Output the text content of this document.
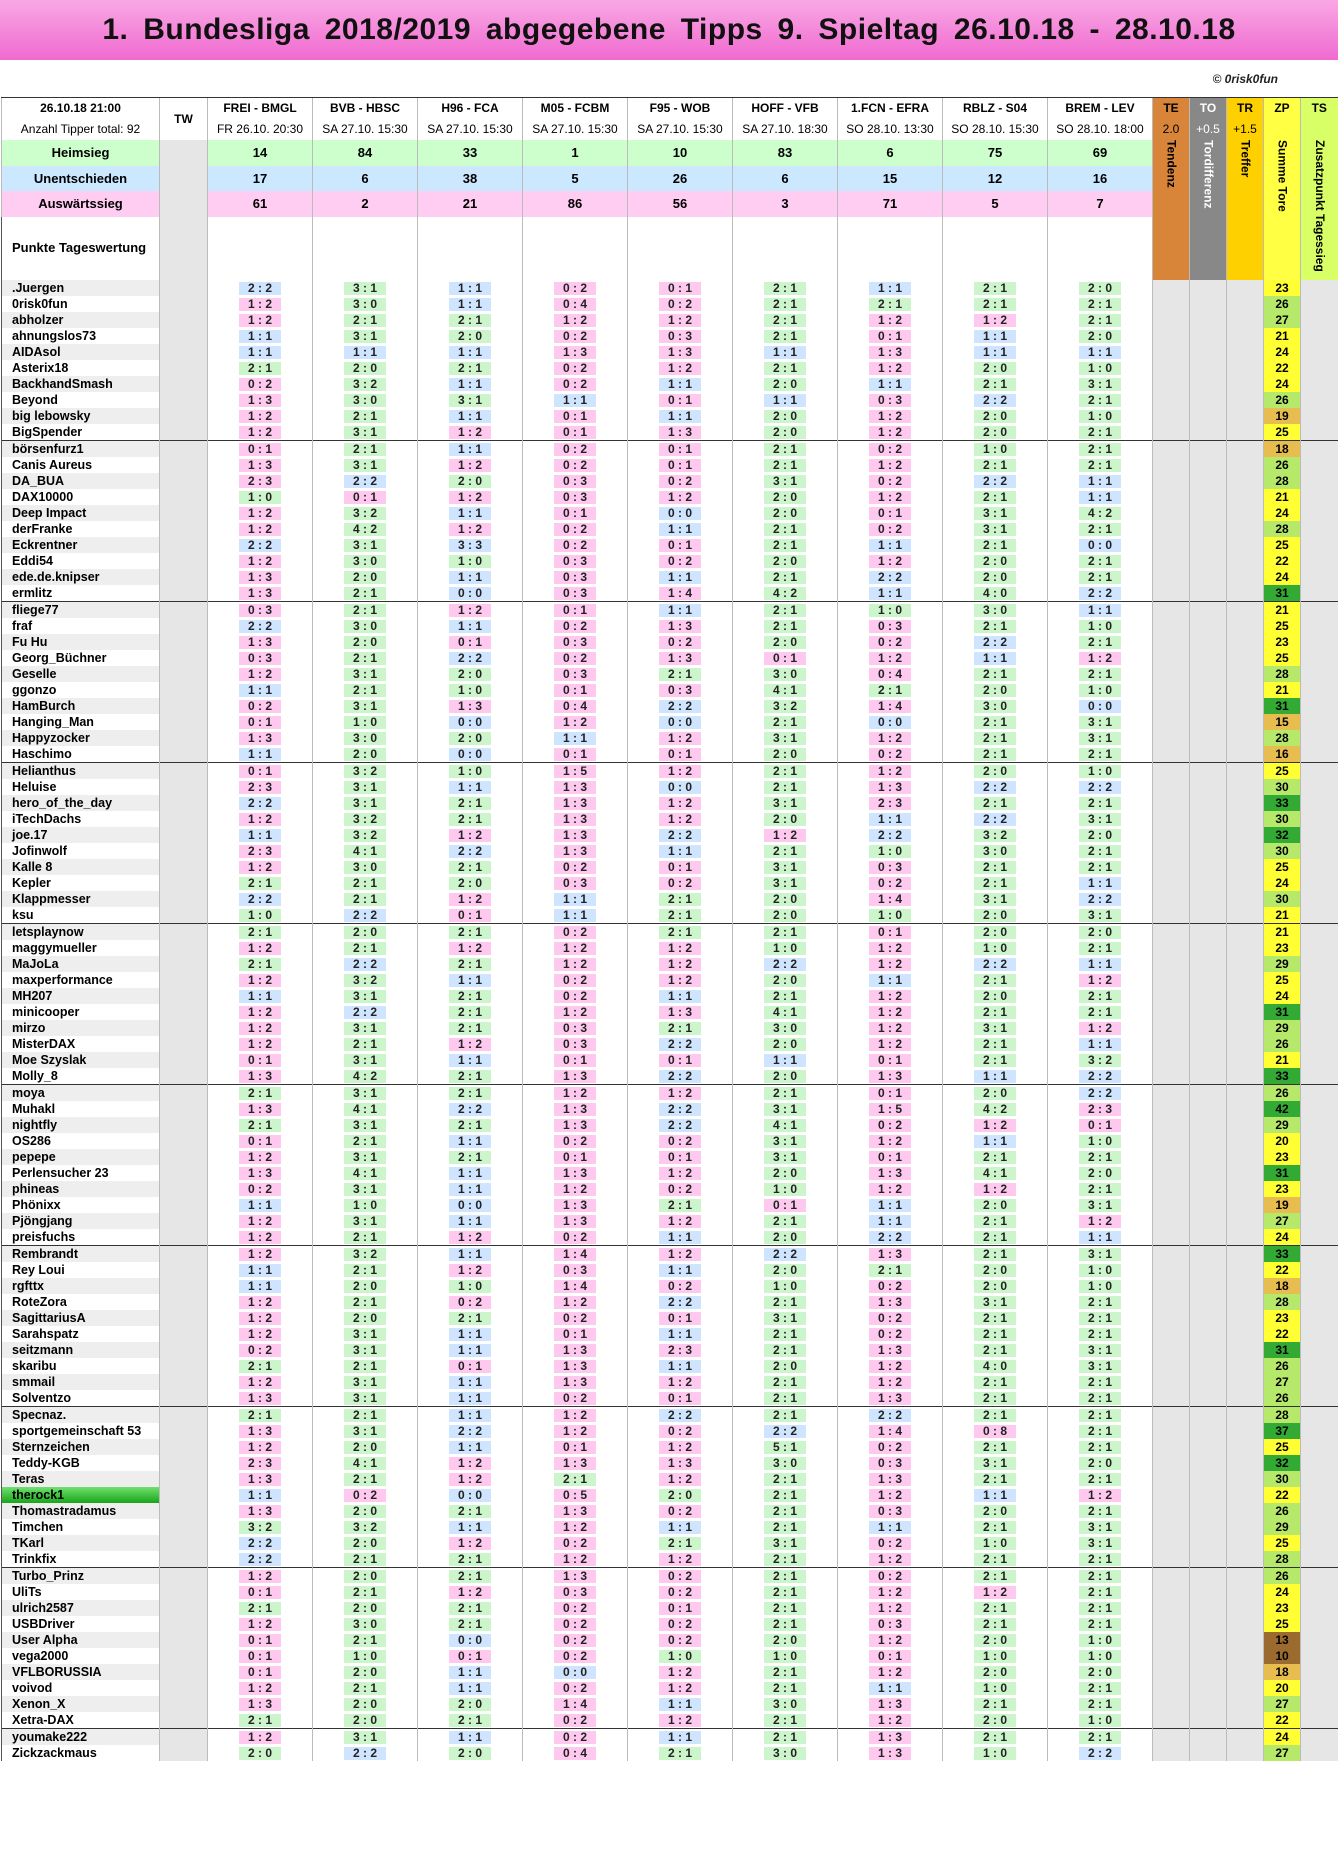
1. Bundesliga 2018/2019 abgegebene Tipps 9. Spieltag 26.10.18 - 28.10.18
© 0risk0fun
26.10.18 21:00	TW	FREI - BMGL	BVB - HBSC	H96 - FCA	M05 - FCBM	F95 - WOB	HOFF - VFB	1.FCN - EFRA	RBLZ - S04	BREM - LEV	TE	TO	TR	ZP	TS
Anzahl Tipper total: 92		FR 26.10. 20:30	SA 27.10. 15:30	SA 27.10. 15:30	SA 27.10. 15:30	SA 27.10. 15:30	SA 27.10. 18:30	SO 28.10. 13:30	SO 28.10. 15:30	SO 28.10. 18:00	2.0	+0.5	+1.5		
Heimsieg		14	84	33	1	10	83	6	75	69	Tendenz	Tordifferenz	Treffer	Summe Tore	Zusatzpunkt Tagessieg
Unentschieden		17	6	38	5	26	6	15	12	16					
Auswärtssieg		61	2	21	86	56	3	71	5	7					
Punkte Tageswertung															
.Juergen		2 : 2	3 : 1	1 : 1	0 : 2	0 : 1	2 : 1	1 : 1	2 : 1	2 : 0				23	
0risk0fun		1 : 2	3 : 0	1 : 1	0 : 4	0 : 2	2 : 1	2 : 1	2 : 1	2 : 1				26	
abholzer		1 : 2	2 : 1	2 : 1	1 : 2	1 : 2	2 : 1	1 : 2	1 : 2	2 : 1				27	
ahnungslos73		1 : 1	3 : 1	2 : 0	0 : 2	0 : 3	2 : 1	0 : 1	1 : 1	2 : 0				21	
AIDAsol		1 : 1	1 : 1	1 : 1	1 : 3	1 : 3	1 : 1	1 : 3	1 : 1	1 : 1				24	
Asterix18		2 : 1	2 : 0	2 : 1	0 : 2	1 : 2	2 : 1	1 : 2	2 : 0	1 : 0				22	
BackhandSmash		0 : 2	3 : 2	1 : 1	0 : 2	1 : 1	2 : 0	1 : 1	2 : 1	3 : 1				24	
Beyond		1 : 3	3 : 0	3 : 1	1 : 1	0 : 1	1 : 1	0 : 3	2 : 2	2 : 1				26	
big lebowsky		1 : 2	2 : 1	1 : 1	0 : 1	1 : 1	2 : 0	1 : 2	2 : 0	1 : 0				19	
BigSpender		1 : 2	3 : 1	1 : 2	0 : 1	1 : 3	2 : 0	1 : 2	2 : 0	2 : 1				25	
börsenfurz1		0 : 1	2 : 1	1 : 1	0 : 2	0 : 1	2 : 1	0 : 2	1 : 0	2 : 1				18	
Canis Aureus		1 : 3	3 : 1	1 : 2	0 : 2	0 : 1	2 : 1	1 : 2	2 : 1	2 : 1				26	
DA_BUA		2 : 3	2 : 2	2 : 0	0 : 3	0 : 2	3 : 1	0 : 2	2 : 2	1 : 1				28	
DAX10000		1 : 0	0 : 1	1 : 2	0 : 3	1 : 2	2 : 0	1 : 2	2 : 1	1 : 1				21	
Deep Impact		1 : 2	3 : 2	1 : 1	0 : 1	0 : 0	2 : 0	0 : 1	3 : 1	4 : 2				24	
derFranke		1 : 2	4 : 2	1 : 2	0 : 2	1 : 1	2 : 1	0 : 2	3 : 1	2 : 1				28	
Eckrentner		2 : 2	3 : 1	3 : 3	0 : 2	0 : 1	2 : 1	1 : 1	2 : 1	0 : 0				25	
Eddi54		1 : 2	3 : 0	1 : 0	0 : 3	0 : 2	2 : 0	1 : 2	2 : 0	2 : 1				22	
ede.de.knipser		1 : 3	2 : 0	1 : 1	0 : 3	1 : 1	2 : 1	2 : 2	2 : 0	2 : 1				24	
ermlitz		1 : 3	2 : 1	0 : 0	0 : 3	1 : 4	4 : 2	1 : 1	4 : 0	2 : 2				31	
fliege77		0 : 3	2 : 1	1 : 2	0 : 1	1 : 1	2 : 1	1 : 0	3 : 0	1 : 1				21	
fraf		2 : 2	3 : 0	1 : 1	0 : 2	1 : 3	2 : 1	0 : 3	2 : 1	1 : 0				25	
Fu Hu		1 : 3	2 : 0	0 : 1	0 : 3	0 : 2	2 : 0	0 : 2	2 : 2	2 : 1				23	
Georg_Büchner		0 : 3	2 : 1	2 : 2	0 : 2	1 : 3	0 : 1	1 : 2	1 : 1	1 : 2				25	
Geselle		1 : 2	3 : 1	2 : 0	0 : 3	2 : 1	3 : 0	0 : 4	2 : 1	2 : 1				28	
ggonzo		1 : 1	2 : 1	1 : 0	0 : 1	0 : 3	4 : 1	2 : 1	2 : 0	1 : 0				21	
HamBurch		0 : 2	3 : 1	1 : 3	0 : 4	2 : 2	3 : 2	1 : 4	3 : 0	0 : 0				31	
Hanging_Man		0 : 1	1 : 0	0 : 0	1 : 2	0 : 0	2 : 1	0 : 0	2 : 1	3 : 1				15	
Happyzocker		1 : 3	3 : 0	2 : 0	1 : 1	1 : 2	3 : 1	1 : 2	2 : 1	3 : 1				28	
Haschimo		1 : 1	2 : 0	0 : 0	0 : 1	0 : 1	2 : 0	0 : 2	2 : 1	2 : 1				16	
Helianthus		0 : 1	3 : 2	1 : 0	1 : 5	1 : 2	2 : 1	1 : 2	2 : 0	1 : 0				25	
Heluise		2 : 3	3 : 1	1 : 1	1 : 3	0 : 0	2 : 1	1 : 3	2 : 2	2 : 2				30	
hero_of_the_day		2 : 2	3 : 1	2 : 1	1 : 3	1 : 2	3 : 1	2 : 3	2 : 1	2 : 1				33	
iTechDachs		1 : 2	3 : 2	2 : 1	1 : 3	1 : 2	2 : 0	1 : 1	2 : 2	3 : 1				30	
joe.17		1 : 1	3 : 2	1 : 2	1 : 3	2 : 2	1 : 2	2 : 2	3 : 2	2 : 0				32	
Jofinwolf		2 : 3	4 : 1	2 : 2	1 : 3	1 : 1	2 : 1	1 : 0	3 : 0	2 : 1				30	
Kalle 8		1 : 2	3 : 0	2 : 1	0 : 2	0 : 1	3 : 1	0 : 3	2 : 1	2 : 1				25	
Kepler		2 : 1	2 : 1	2 : 0	0 : 3	0 : 2	3 : 1	0 : 2	2 : 1	1 : 1				24	
Klappmesser		2 : 2	2 : 1	1 : 2	1 : 1	2 : 1	2 : 0	1 : 4	3 : 1	2 : 2				30	
ksu		1 : 0	2 : 2	0 : 1	1 : 1	2 : 1	2 : 0	1 : 0	2 : 0	3 : 1				21	
letsplaynow		2 : 1	2 : 0	2 : 1	0 : 2	2 : 1	2 : 1	0 : 1	2 : 0	2 : 0				21	
maggymueller		1 : 2	2 : 1	1 : 2	1 : 2	1 : 2	1 : 0	1 : 2	1 : 0	2 : 1				23	
MaJoLa		2 : 1	2 : 2	2 : 1	1 : 2	1 : 2	2 : 2	1 : 2	2 : 2	1 : 1				29	
maxperformance		1 : 2	3 : 2	1 : 1	0 : 2	1 : 2	2 : 0	1 : 1	2 : 1	1 : 2				25	
MH207		1 : 1	3 : 1	2 : 1	0 : 2	1 : 1	2 : 1	1 : 2	2 : 0	2 : 1				24	
minicooper		1 : 2	2 : 2	2 : 1	1 : 2	1 : 3	4 : 1	1 : 2	2 : 1	2 : 1				31	
mirzo		1 : 2	3 : 1	2 : 1	0 : 3	2 : 1	3 : 0	1 : 2	3 : 1	1 : 2				29	
MisterDAX		1 : 2	2 : 1	1 : 2	0 : 3	2 : 2	2 : 0	1 : 2	2 : 1	1 : 1				26	
Moe Szyslak		0 : 1	3 : 1	1 : 1	0 : 1	0 : 1	1 : 1	0 : 1	2 : 1	3 : 2				21	
Molly_8		1 : 3	4 : 2	2 : 1	1 : 3	2 : 2	2 : 0	1 : 3	1 : 1	2 : 2				33	
moya		2 : 1	3 : 1	2 : 1	1 : 2	1 : 2	2 : 1	0 : 1	2 : 0	2 : 2				26	
Muhakl		1 : 3	4 : 1	2 : 2	1 : 3	2 : 2	3 : 1	1 : 5	4 : 2	2 : 3				42	
nightfly		2 : 1	3 : 1	2 : 1	1 : 3	2 : 2	4 : 1	0 : 2	1 : 2	0 : 1				29	
OS286		0 : 1	2 : 1	1 : 1	0 : 2	0 : 2	3 : 1	1 : 2	1 : 1	1 : 0				20	
pepepe		1 : 2	3 : 1	2 : 1	0 : 1	0 : 1	3 : 1	0 : 1	2 : 1	2 : 1				23	
Perlensucher 23		1 : 3	4 : 1	1 : 1	1 : 3	1 : 2	2 : 0	1 : 3	4 : 1	2 : 0				31	
phineas		0 : 2	3 : 1	1 : 1	1 : 2	0 : 2	1 : 0	1 : 2	1 : 2	2 : 1				23	
Phönixx		1 : 1	1 : 0	0 : 0	1 : 3	2 : 1	0 : 1	1 : 1	2 : 0	3 : 1				19	
Pjöngjang		1 : 2	3 : 1	1 : 1	1 : 3	1 : 2	2 : 1	1 : 1	2 : 1	1 : 2				27	
preisfuchs		1 : 2	2 : 1	1 : 2	0 : 2	1 : 1	2 : 0	2 : 2	2 : 1	1 : 1				24	
Rembrandt		1 : 2	3 : 2	1 : 1	1 : 4	1 : 2	2 : 2	1 : 3	2 : 1	3 : 1				33	
Rey Loui		1 : 1	2 : 1	1 : 2	0 : 3	1 : 1	2 : 0	2 : 1	2 : 0	1 : 0				22	
rgfttx		1 : 1	2 : 0	1 : 0	1 : 4	0 : 2	1 : 0	0 : 2	2 : 0	1 : 0				18	
RoteZora		1 : 2	2 : 1	0 : 2	1 : 2	2 : 2	2 : 1	1 : 3	3 : 1	2 : 1				28	
SagittariusA		1 : 2	2 : 0	2 : 1	0 : 2	0 : 1	3 : 1	0 : 2	2 : 1	2 : 1				23	
Sarahspatz		1 : 2	3 : 1	1 : 1	0 : 1	1 : 1	2 : 1	0 : 2	2 : 1	2 : 1				22	
seitzmann		0 : 2	3 : 1	1 : 1	1 : 3	2 : 3	2 : 1	1 : 3	2 : 1	3 : 1				31	
skaribu		2 : 1	2 : 1	0 : 1	1 : 3	1 : 1	2 : 0	1 : 2	4 : 0	3 : 1				26	
smmail		1 : 2	3 : 1	1 : 1	1 : 3	1 : 2	2 : 1	1 : 2	2 : 1	2 : 1				27	
Solventzo		1 : 3	3 : 1	1 : 1	0 : 2	0 : 1	2 : 1	1 : 3	2 : 1	2 : 1				26	
Specnaz.		2 : 1	2 : 1	1 : 1	1 : 2	2 : 2	2 : 1	2 : 2	2 : 1	2 : 1				28	
sportgemeinschaft 53		1 : 3	3 : 1	2 : 2	1 : 2	0 : 2	2 : 2	1 : 4	0 : 8	2 : 1				37	
Sternzeichen		1 : 2	2 : 0	1 : 1	0 : 1	1 : 2	5 : 1	0 : 2	2 : 1	2 : 1				25	
Teddy-KGB		2 : 3	4 : 1	1 : 2	1 : 3	1 : 3	3 : 0	0 : 3	3 : 1	2 : 0				32	
Teras		1 : 3	2 : 1	1 : 2	2 : 1	1 : 2	2 : 1	1 : 3	2 : 1	2 : 1				30	
therock1		1 : 1	0 : 2	0 : 0	0 : 5	2 : 0	2 : 1	1 : 2	1 : 1	1 : 2				22	
Thomastradamus		1 : 3	2 : 0	2 : 1	1 : 3	0 : 2	2 : 1	0 : 3	2 : 0	2 : 1				26	
Timchen		3 : 2	3 : 2	1 : 1	1 : 2	1 : 1	2 : 1	1 : 1	2 : 1	3 : 1				29	
TKarl		2 : 2	2 : 0	1 : 2	0 : 2	2 : 1	3 : 1	0 : 2	1 : 0	3 : 1				25	
Trinkfix		2 : 2	2 : 1	2 : 1	1 : 2	1 : 2	2 : 1	1 : 2	2 : 1	2 : 1				28	
Turbo_Prinz		1 : 2	2 : 0	2 : 1	1 : 3	0 : 2	2 : 1	0 : 2	2 : 1	2 : 1				26	
UliTs		0 : 1	2 : 1	1 : 2	0 : 3	0 : 2	2 : 1	1 : 2	1 : 2	2 : 1				24	
ulrich2587		2 : 1	2 : 0	2 : 1	0 : 2	0 : 1	2 : 1	1 : 2	2 : 1	2 : 1				23	
USBDriver		1 : 2	3 : 0	2 : 1	0 : 2	0 : 2	2 : 1	0 : 3	2 : 1	2 : 1				25	
User Alpha		0 : 1	2 : 1	0 : 0	0 : 2	0 : 2	2 : 0	1 : 2	2 : 0	1 : 0				13	
vega2000		0 : 1	1 : 0	0 : 1	0 : 2	1 : 0	1 : 0	0 : 1	1 : 0	1 : 0				10	
VFLBORUSSIA		0 : 1	2 : 0	1 : 1	0 : 0	1 : 2	2 : 1	1 : 2	2 : 0	2 : 0				18	
voivod		1 : 2	2 : 1	1 : 1	0 : 2	1 : 2	2 : 1	1 : 1	1 : 0	2 : 1				20	
Xenon_X		1 : 3	2 : 0	2 : 0	1 : 4	1 : 1	3 : 0	1 : 3	2 : 1	2 : 1				27	
Xetra-DAX		2 : 1	2 : 0	2 : 1	0 : 2	1 : 2	2 : 1	1 : 2	2 : 0	1 : 0				22	
youmake222		1 : 2	3 : 1	1 : 1	0 : 2	1 : 1	2 : 1	1 : 3	2 : 1	2 : 1				24	
Zickzackmaus		2 : 0	2 : 2	2 : 0	0 : 4	2 : 1	3 : 0	1 : 3	1 : 0	2 : 2				27	
